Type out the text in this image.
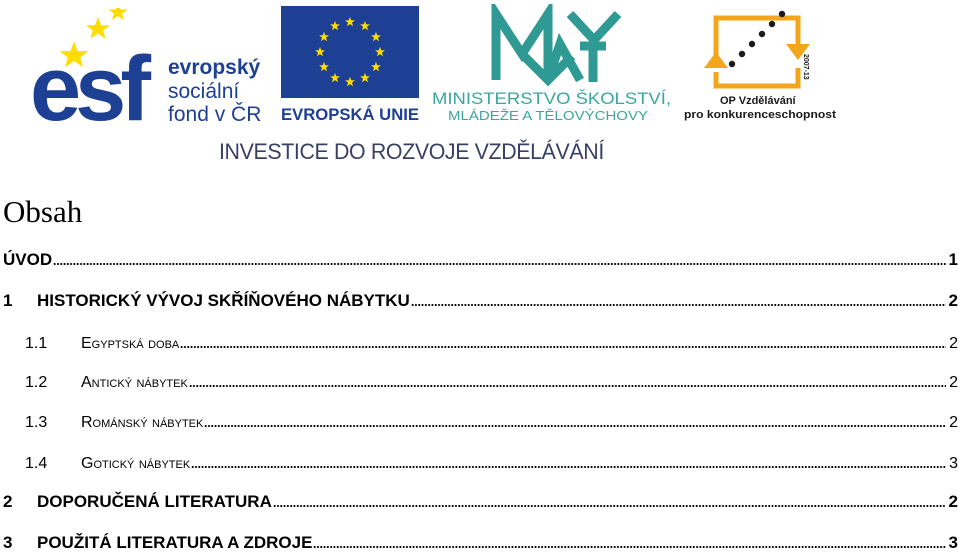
esf	evropský
sociální
fond v ČR EVROPSKÁ UNIE
MINISTERSTVO ŠKOLSTVÍ,
MLÁDEŽE A TĚLOVÝCHOVY
2007-13
OP Vzdělávání
pro konkurenceschopnost
INVESTICE DO ROZVOJE VZDĚLÁVÁNÍ
Obsah
ÚVOD	1
1	HISTORICKÝ VÝVOJ SKŘÍŇOVÉHO NÁBYTKU	2
1.1	Egyptská doba	2
1.2	Antický nábytek	2
1.3	Románský nábytek	2
1.4	Gotický nábytek	3
2	DOPORUČENÁ LITERATURA	2
3	POUŽITÁ LITERATURA A ZDROJE	3
